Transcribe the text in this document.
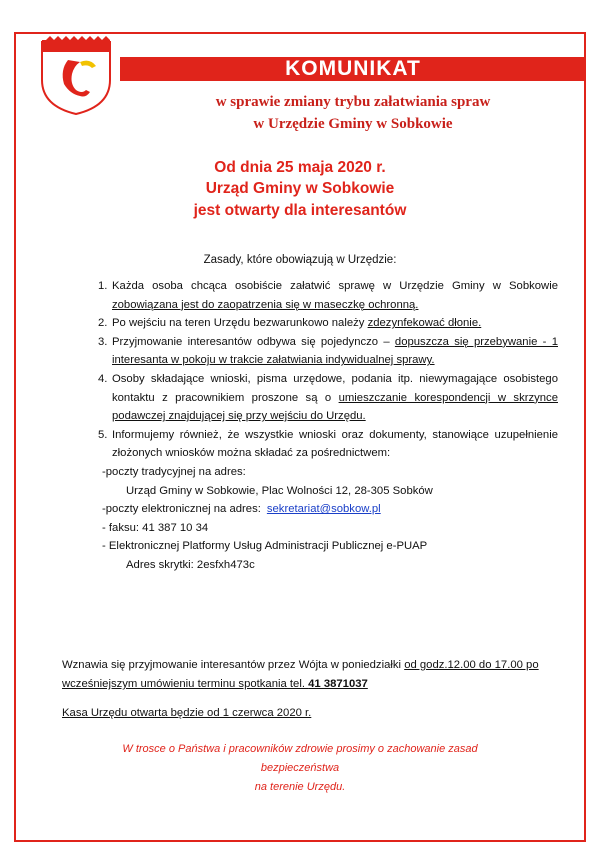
KOMUNIKAT
w sprawie zmiany trybu załatwiania spraw
w Urzędzie Gminy w Sobkowie
Od dnia 25 maja 2020 r.
Urząd Gminy w Sobkowie
jest otwarty dla interesantów
Zasady, które obowiązują w Urzędzie:
1. Każda osoba chcąca osobiście załatwić sprawę w Urzędzie Gminy w Sobkowie zobowiązana jest do zaopatrzenia się w maseczkę ochronną.
2. Po wejściu na teren Urzędu bezwarunkowo należy zdezynfekować dłonie.
3. Przyjmowanie interesantów odbywa się pojedynczo – dopuszcza się przebywanie - 1 interesanta w pokoju w trakcie załatwiania indywidualnej sprawy.
4. Osoby składające wnioski, pisma urzędowe, podania itp. niewymagające osobistego kontaktu z pracownikiem proszone są o umieszczanie korespondencji w skrzynce podawczej znajdującej się przy wejściu do Urzędu.
5. Informujemy również, że wszystkie wnioski oraz dokumenty, stanowiące uzupełnienie złożonych wniosków można składać za pośrednictwem:
-poczty tradycyjnej na adres:
Urząd Gminy w Sobkowie, Plac Wolności 12, 28-305 Sobków
-poczty elektronicznej na adres: sekretariat@sobkow.pl
- faksu: 41 387 10 34
- Elektronicznej Platformy Usług Administracji Publicznej e-PUAP
Adres skrytki: 2esfxh473c
Wznawia się przyjmowanie interesantów przez Wójta w poniedziałki od godz.12.00 do 17.00 po wcześniejszym umówieniu terminu spotkania tel. 41 3871037
Kasa Urzędu otwarta będzie od 1 czerwca 2020 r.
W trosce o Państwa i pracowników zdrowie prosimy o zachowanie zasad
bezpieczeństwa
na terenie Urzędu.
